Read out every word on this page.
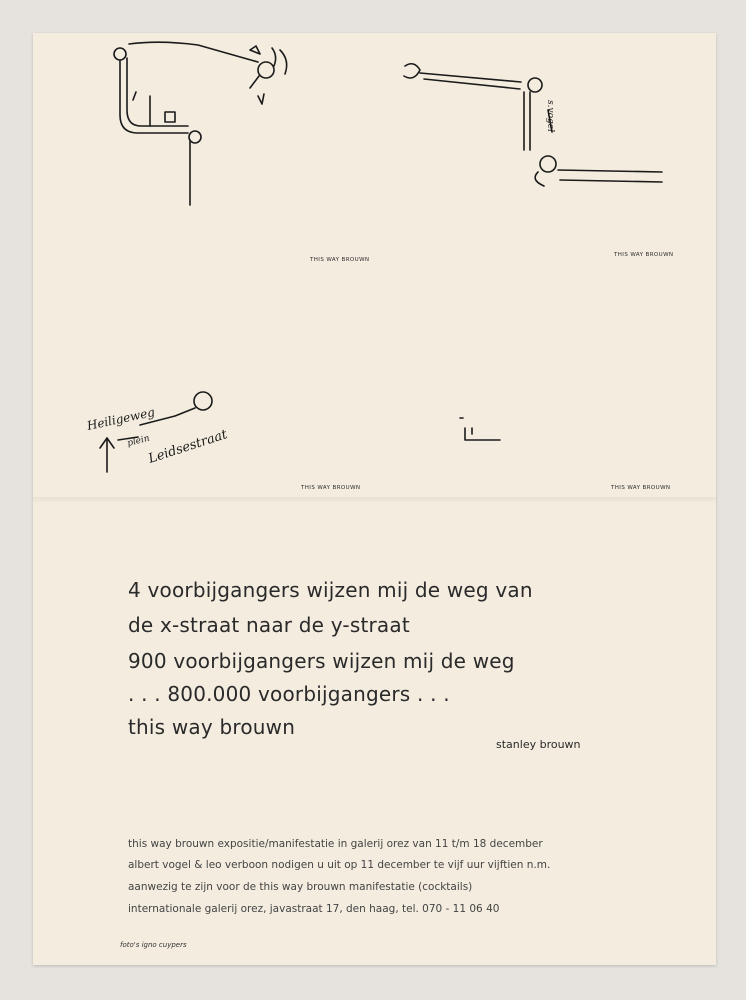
Heiligeweg
plein
Leidsestraat
s.vogel
THIS WAY BROUWN
THIS WAY BROUWN
THIS WAY BROUWN	THIS WAY BROUWN
4 voorbijgangers wijzen mij de weg van
de x-straat naar de y-straat
900 voorbijgangers wijzen mij de weg
. . . 800.000 voorbijgangers . . .
this way brouwn
stanley brouwn
this way brouwn expositie/manifestatie in galerij orez van 11 t/m 18 december
albert vogel & leo verboon nodigen u uit op 11 december te vijf uur vijftien n.m.
aanwezig te zijn voor de this way brouwn manifestatie (cocktails)
internationale galerij orez, javastraat 17, den haag, tel. 070 - 11 06 40
foto's igno cuypers
